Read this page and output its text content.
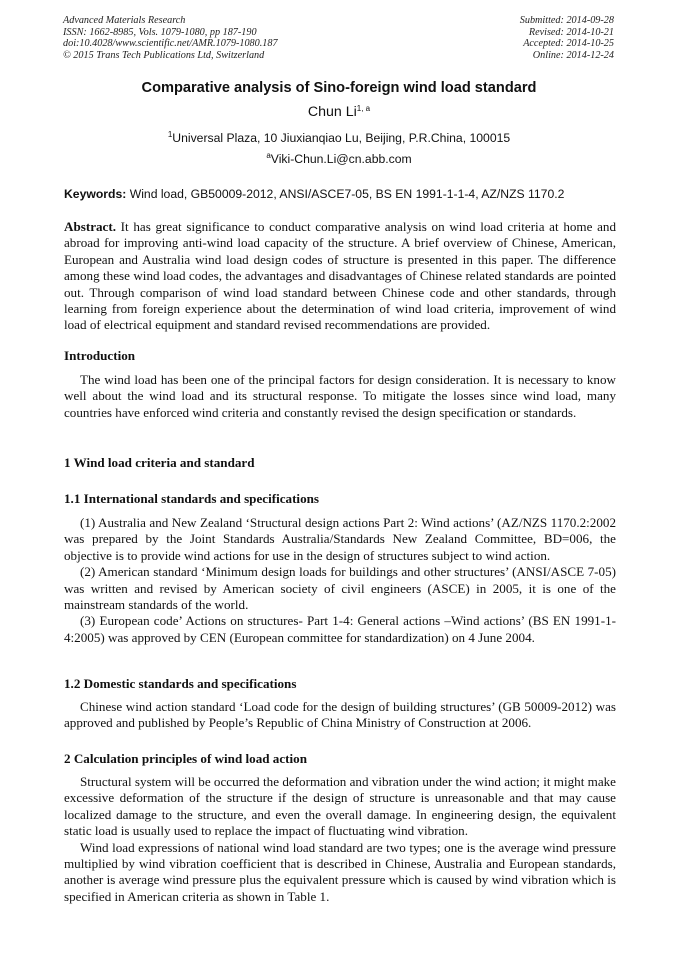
Advanced Materials Research
ISSN: 1662-8985, Vols. 1079-1080, pp 187-190
doi:10.4028/www.scientific.net/AMR.1079-1080.187
© 2015 Trans Tech Publications Ltd, Switzerland
Submitted: 2014-09-28
Revised: 2014-10-21
Accepted: 2014-10-25
Online: 2014-12-24
Comparative analysis of Sino-foreign wind load standard
Chun Li$^{1, a}$
$^1$Universal Plaza, 10 Jiuxianqiao Lu, Beijing, P.R.China, 100015
$^a$Viki-Chun.Li@cn.abb.com
Keywords: Wind load, GB50009-2012, ANSI/ASCE7-05, BS EN 1991-1-1-4, AZ/NZS 1170.2

Abstract. It has great significance to conduct comparative analysis on wind load criteria at home and abroad for improving anti-wind load capacity of the structure. A brief overview of Chinese, American, European and Australia wind load design codes of structure is presented in this paper. The difference among these wind load codes, the advantages and disadvantages of Chinese related standards are pointed out. Through comparison of wind load standard between Chinese code and other standards, through learning from foreign experience about the determination of wind load criteria, improvement of wind load of electrical equipment and standard revised recommendations are provided.

Introduction

The wind load has been one of the principal factors for design consideration. It is necessary to know well about the wind load and its structural response. To mitigate the losses since wind load, many countries have enforced wind criteria and constantly revised the design specification or standards.

1 Wind load criteria and standard
1.1 International standards and specifications

(1) Australia and New Zealand ‘Structural design actions Part 2: Wind actions’ (AZ/NZS 1170.2:2002 was prepared by the Joint Standards Australia/Standards New Zealand Committee, BD=006, the objective is to provide wind actions for use in the design of structures subject to wind action.

(2) American standard ‘Minimum design loads for buildings and other structures’ (ANSI/ASCE 7-05) was written and revised by American society of civil engineers (ASCE) in 2005, it is one of the mainstream standards of the world.

(3) European code’ Actions on structures- Part 1-4: General actions –Wind actions’ (BS EN 1991-1-4:2005) was approved by CEN (European committee for standardization) on 4 June 2004.

1.2 Domestic standards and specifications

Chinese wind action standard ‘Load code for the design of building structures’ (GB 50009-2012) was approved and published by People’s Republic of China Ministry of Construction at 2006.

2 Calculation principles of wind load action

Structural system will be occurred the deformation and vibration under the wind action; it might make excessive deformation of the structure if the design of structure is unreasonable and that may cause localized damage to the structure, and even the overall damage. In engineering design, the equivalent static load is usually used to replace the impact of fluctuating wind vibration.

Wind load expressions of national wind load standard are two types; one is the average wind pressure multiplied by wind vibration coefficient that is described in Chinese, Australia and European standards, another is average wind pressure plus the equivalent pressure which is caused by wind vibration which is specified in American criteria as shown in Table 1.
